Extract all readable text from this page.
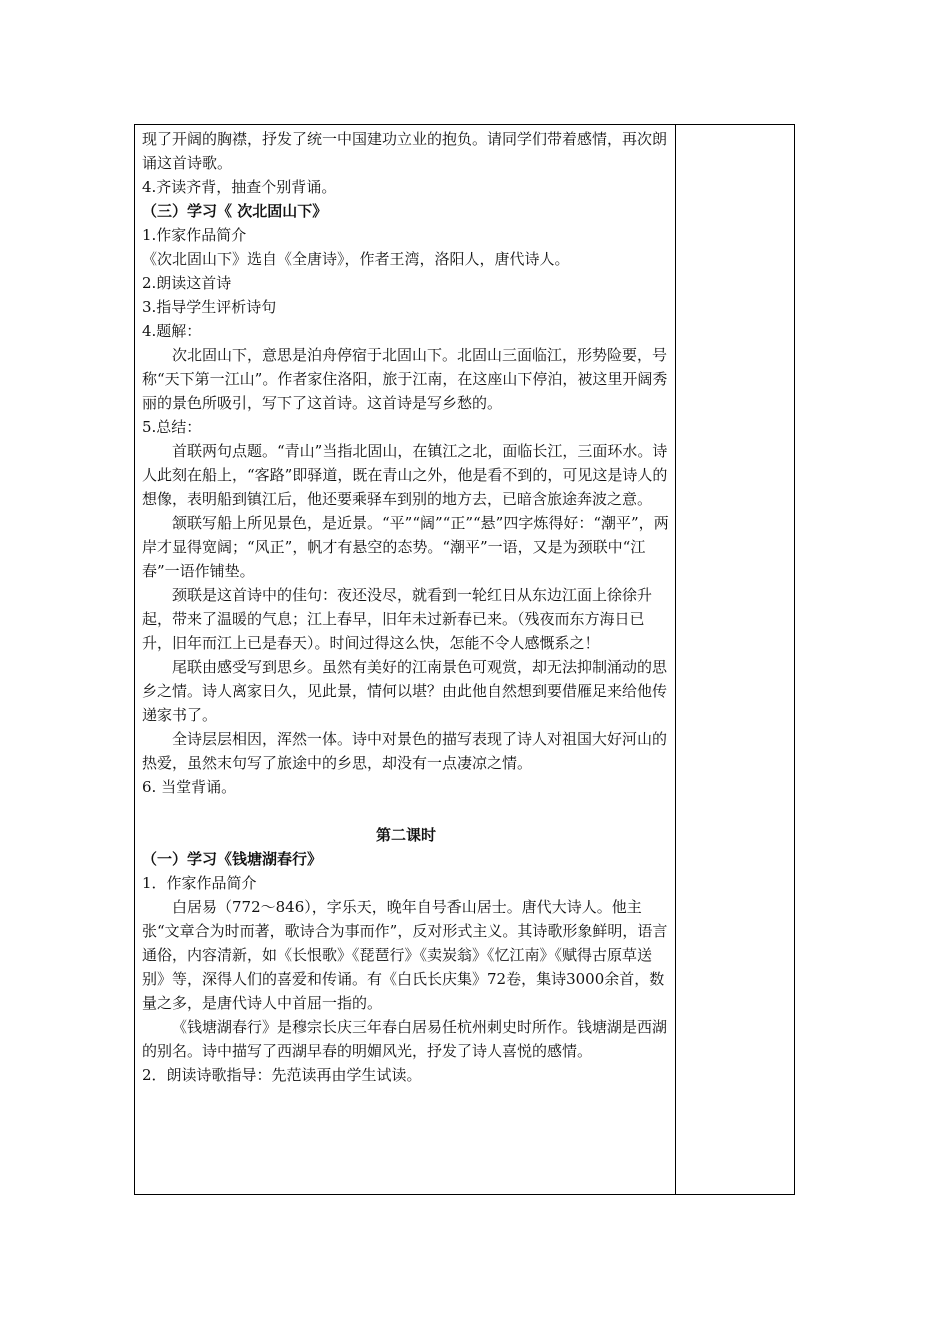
现了开阔的胸襟，抒发了统一中国建功立业的抱负。请同学们带着感情，再次朗诵这首诗歌。

4.齐读齐背，抽查个别背诵。

（三）学习《 次北固山下》

1.作家作品简介

《次北固山下》选自《全唐诗》，作者王湾，洛阳人，唐代诗人。

2.朗读这首诗

3.指导学生评析诗句

4.题解：

次北固山下，意思是泊舟停宿于北固山下。北固山三面临江，形势险要，号称“天下第一江山”。作者家住洛阳，旅于江南，在这座山下停泊，被这里开阔秀丽的景色所吸引，写下了这首诗。这首诗是写乡愁的。

5.总结：

首联两句点题。“青山”当指北固山，在镇江之北，面临长江，三面环水。诗人此刻在船上，“客路”即驿道，既在青山之外，他是看不到的，可见这是诗人的想像，表明船到镇江后，他还要乘驿车到别的地方去，已暗含旅途奔波之意。

颔联写船上所见景色，是近景。“平”“阔”“正”“悬”四字炼得好：“潮平”，两岸才显得宽阔；“风正”，帆才有悬空的态势。“潮平”一语，又是为颈联中“江春”一语作铺垫。

颈联是这首诗中的佳句：夜还没尽，就看到一轮红日从东边江面上徐徐升起，带来了温暖的气息；江上春早，旧年未过新春已来。（残夜而东方海日已升，旧年而江上已是春天）。时间过得这么快，怎能不令人感慨系之！

尾联由感受写到思乡。虽然有美好的江南景色可观赏，却无法抑制涌动的思乡之情。诗人离家日久，见此景，情何以堪？由此他自然想到要借雁足来给他传递家书了。

全诗层层相因，浑然一体。诗中对景色的描写表现了诗人对祖国大好河山的热爱，虽然末句写了旅途中的乡思，却没有一点凄凉之情。

6. 当堂背诵。

第二课时

（一）学习《钱塘湖春行》

1．作家作品简介

白居易（772～846），字乐天，晚年自号香山居士。唐代大诗人。他主张“文章合为时而著，歌诗合为事而作”，反对形式主义。其诗歌形象鲜明，语言通俗，内容清新，如《长恨歌》《琵琶行》《卖炭翁》《忆江南》《赋得古原草送别》等，深得人们的喜爱和传诵。有《白氏长庆集》72卷，集诗3000余首，数量之多，是唐代诗人中首屈一指的。

《钱塘湖春行》是穆宗长庆三年春白居易任杭州刺史时所作。钱塘湖是西湖的别名。诗中描写了西湖早春的明媚风光，抒发了诗人喜悦的感情。

2．朗读诗歌指导：先范读再由学生试读。
